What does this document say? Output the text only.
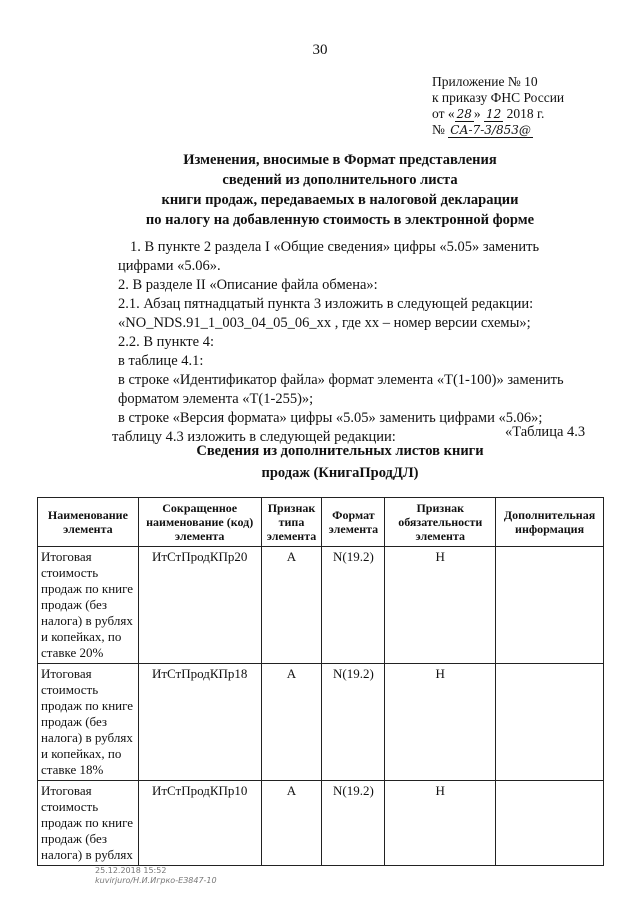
30
Приложение № 10
к приказу ФНС России
от « 28 » 12 2018 г.
№ СА-7-3/853@
Изменения, вносимые в Формат представления
сведений из дополнительного листа
книги продаж, передаваемых в налоговой декларации
по налогу на добавленную стоимость в электронной форме

1. В пункте 2 раздела I «Общие сведения» цифры «5.05» заменить цифрами «5.06».

2. В разделе II «Описание файла обмена»:

2.1. Абзац пятнадцатый пункта 3 изложить в следующей редакции:

«NO_NDS.91_1_003_04_05_06_xx , где хх – номер версии схемы»;

2.2. В пункте 4:

в таблице 4.1:

в строке «Идентификатор файла» формат элемента «Т(1-100)» заменить форматом элемента «Т(1-255)»;

в строке «Версия формата» цифры «5.05» заменить цифрами «5.06»;

таблицу 4.3 изложить в следующей редакции:	«Таблица 4.3
Сведения из дополнительных листов книги
продаж (КнигаПродДЛ)
Наименование элемента	Сокращенное наименование (код) элемента	Признак типа элемента	Формат элемента	Признак обязательности элемента	Дополнительная информация
Итоговая стоимость продаж по книге продаж (без налога) в рублях и копейках, по ставке 20%	ИтСтПродКПр20	А	N(19.2)	Н	
Итоговая стоимость продаж по книге продаж (без налога) в рублях и копейках, по ставке 18%	ИтСтПродКПр18	А	N(19.2)	Н	
Итоговая стоимость продаж по книге продаж (без налога) в рублях	ИтСтПродКПр10	А	N(19.2)	Н	
25.12.2018 15:52
kuvirjuro/Н.И.Игрко-ЕЗ847-10
